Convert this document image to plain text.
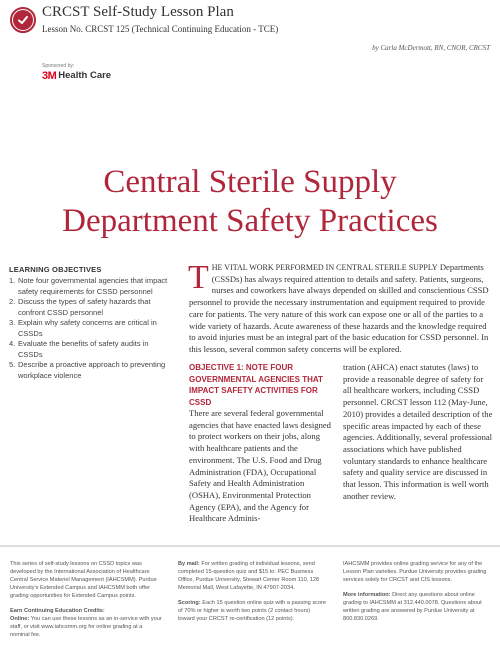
CRCST Self-Study Lesson Plan
Lesson No. CRCST 125 (Technical Continuing Education - TCE)
by Carla McDermott, RN, CNOR, CRCST
Sponsored by:
3M Health Care
Central Sterile Supply
Department Safety Practices
LEARNING OBJECTIVES
1. Note four governmental agencies that impact safety requirements for CSSD personnel
2. Discuss the types of safety hazards that confront CSSD personnel
3. Explain why safety concerns are critical in CSSDs
4. Evaluate the benefits of safety audits in CSSDs
5. Describe a proactive approach to preventing workplace violence
THE VITAL WORK PERFORMED IN CENTRAL STERILE SUPPLY Departments (CSSDs) has always required attention to details and safety. Patients, surgeons, nurses and coworkers have always depended on skilled and conscientious CSSD personnel to provide the necessary instrumentation and equipment required to provide care for patients. The very nature of this work can expose one or all of the parties to a wide variety of hazards. Acute awareness of these hazards and the knowledge required to avoid injuries must be an integral part of the basic education for CSSD personnel. In this lesson, several common safety concerns will be explored.
OBJECTIVE 1: NOTE FOUR GOVERNMENTAL AGENCIES THAT IMPACT SAFETY ACTIVITIES FOR CSSD
There are several federal governmental agencies that have enacted laws designed to protect workers on their jobs, along with healthcare patients and the environment. The U.S. Food and Drug Administration (FDA), Occupational Safety and Health Administration (OSHA), Environmental Protection Agency (EPA), and the Agency for Healthcare Adminis-
tration (AHCA) enact statutes (laws) to provide a reasonable degree of safety for all healthcare workers, including CSSD personnel. CRCST lesson 112 (May-June, 2010) provides a detailed description of the specific areas impacted by each of these agencies. Additionally, several professional associations which have published voluntary standards to enhance healthcare safety and quality service are discussed in that lesson. This information is well worth another review.

This series of self-study lessons on CSSD topics was developed by the International Association of Healthcare Central Service Materiel Management (IAHCSMM). Purdue University's Extended Campus and IAHCSMM both offer grading opportunities for Extended Campus points.

Earn Continuing Education Credits:
Online: You can use these lessons as an in-service with your staff, or visit www.iahcsmm.org for online grading at a nominal fee.

By mail: For written grading of individual lessons, send completed 15-question quiz and $15 to: PEC Business Office, Purdue University, Stewart Center Room 110, 128 Memorial Mall, West Lafayette, IN 47907-2034.

Scoring: Each 15 question online quiz with a passing score of 70% or higher is worth two points (2 contact hours) toward your CRCST re-certification (12 points).

IAHCSMM provides online grading service for any of the Lesson Plan varieties. Purdue University provides grading services solely for CRCST and CIS lessons.

More information: Direct any questions about online grading to IAHCSMM at 312.440.0078. Questions about written grading are answered by Purdue University at 800.830.0269.
